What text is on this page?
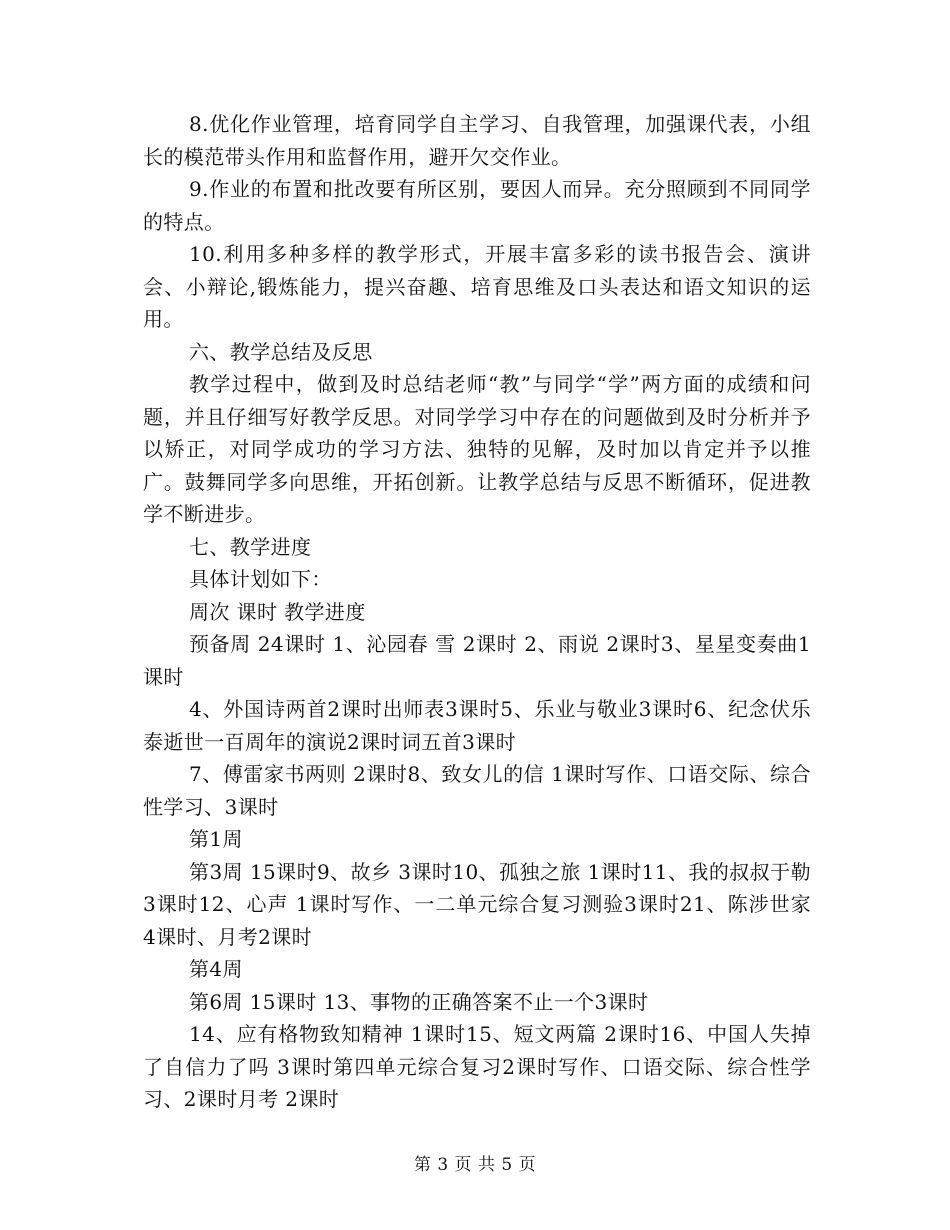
8.优化作业管理，培育同学自主学习、自我管理，加强课代表，小组长的模范带头作用和监督作用，避开欠交作业。

9.作业的布置和批改要有所区别，要因人而异。充分照顾到不同同学的特点。

10.利用多种多样的教学形式，开展丰富多彩的读书报告会、演讲会、小辩论,锻炼能力，提兴奋趣、培育思维及口头表达和语文知识的运用。

六、教学总结及反思

教学过程中，做到及时总结老师“教”与同学“学”两方面的成绩和问题，并且仔细写好教学反思。对同学学习中存在的问题做到及时分析并予以矫正，对同学成功的学习方法、独特的见解，及时加以肯定并予以推广。鼓舞同学多向思维，开拓创新。让教学总结与反思不断循环，促进教学不断进步。

七、教学进度

具体计划如下：

周次 课时 教学进度

预备周 24课时 1、沁园春 雪 2课时 2、雨说 2课时3、星星变奏曲1课时

4、外国诗两首2课时出师表3课时5、乐业与敬业3课时6、纪念伏乐泰逝世一百周年的演说2课时词五首3课时

7、傅雷家书两则 2课时8、致女儿的信 1课时写作、口语交际、综合性学习、3课时

第1周

第3周 15课时9、故乡 3课时10、孤独之旅 1课时11、我的叔叔于勒 3课时12、心声 1课时写作、一二单元综合复习测验3课时21、陈涉世家 4课时、月考2课时

第4周

第6周 15课时 13、事物的正确答案不止一个3课时

14、应有格物致知精神 1课时15、短文两篇 2课时16、中国人失掉了自信力了吗 3课时第四单元综合复习2课时写作、口语交际、综合性学习、2课时月考 2课时

第 3 页 共 5 页
